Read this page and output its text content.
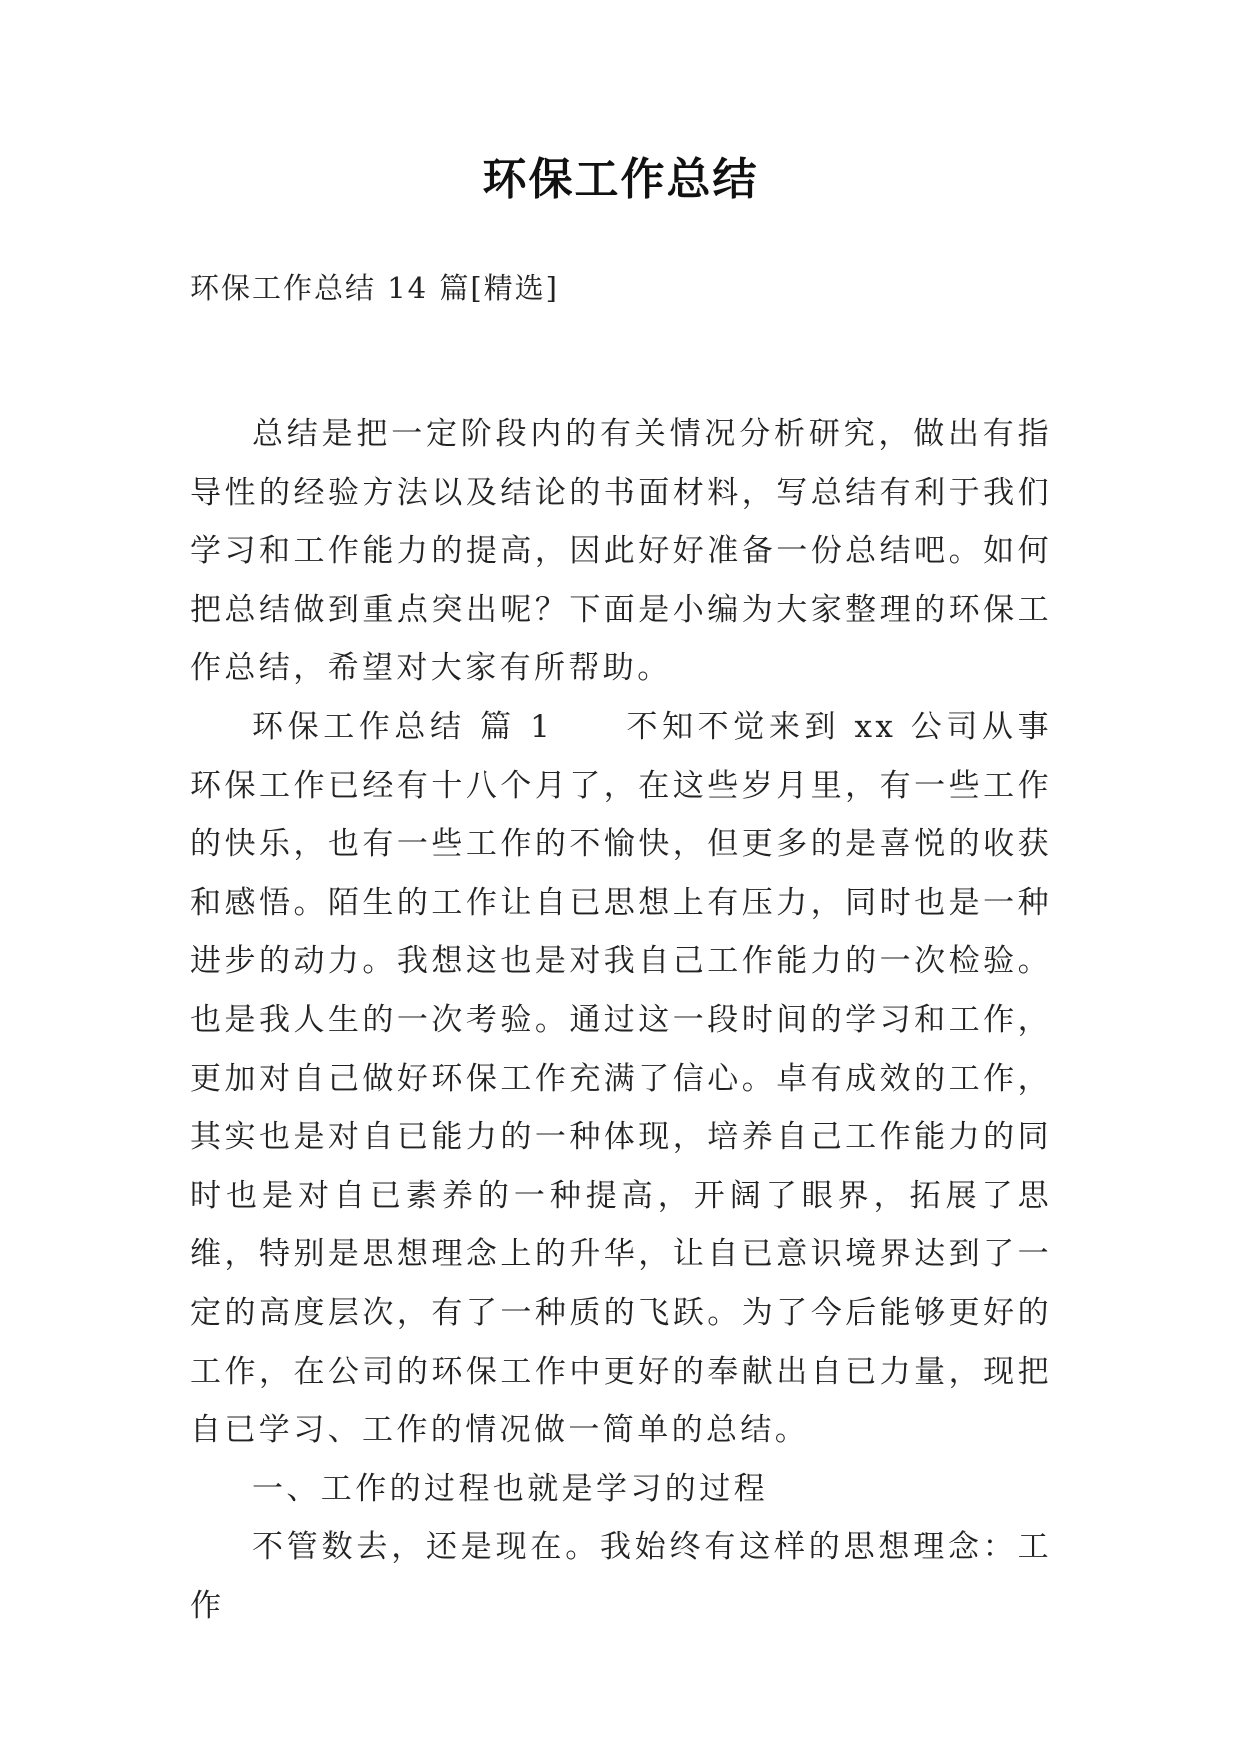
环保工作总结
环保工作总结 14 篇[精选]

总结是把一定阶段内的有关情况分析研究，做出有指导性的经验方法以及结论的书面材料，写总结有利于我们学习和工作能力的提高，因此好好准备一份总结吧。如何把总结做到重点突出呢？下面是小编为大家整理的环保工作总结，希望对大家有所帮助。

环保工作总结 篇 1 不知不觉来到 xx 公司从事环保工作已经有十八个月了，在这些岁月里，有一些工作的快乐，也有一些工作的不愉快，但更多的是喜悦的收获和感悟。陌生的工作让自已思想上有压力，同时也是一种进步的动力。我想这也是对我自己工作能力的一次检验。也是我人生的一次考验。通过这一段时间的学习和工作，更加对自己做好环保工作充满了信心。卓有成效的工作，其实也是对自已能力的一种体现，培养自己工作能力的同时也是对自已素养的一种提高，开阔了眼界，拓展了思维，特别是思想理念上的升华，让自已意识境界达到了一定的高度层次，有了一种质的飞跃。为了今后能够更好的工作，在公司的环保工作中更好的奉献出自已力量，现把自已学习、工作的情况做一简单的总结。

一、工作的过程也就是学习的过程

不管数去，还是现在。我始终有这样的思想理念：工作
